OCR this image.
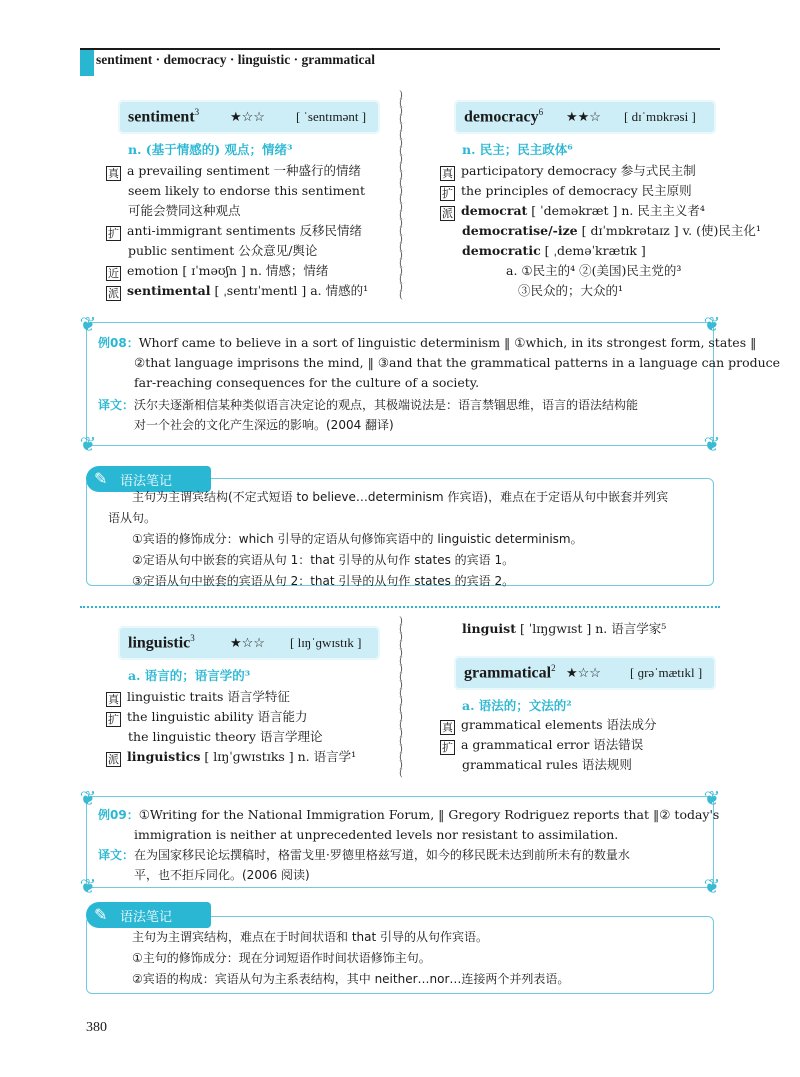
sentiment · democracy · linguistic · grammatical
sentiment$^3$ ★☆☆ [ ˈsentɪmənt ]
n. (基于情感的) 观点；情绪³
真 a prevailing sentiment 一种盛行的情绪
seem likely to endorse this sentiment
可能会赞同这种观点
扩 anti-immigrant sentiments 反移民情绪
public sentiment 公众意见/舆论
近 emotion [ ɪˈməʊʃn ] n. 情感；情绪
派 sentimental [ ˌsentɪˈmentl ] a. 情感的¹
democracy$^6$ ★★☆ [ dɪˈmɒkrəsi ]
n. 民主；民主政体⁶
真 participatory democracy 参与式民主制
扩 the principles of democracy 民主原则
派 democrat [ ˈdeməkræt ] n. 民主主义者⁴
democratise/-ize [ dɪˈmɒkrətaɪz ] v. (使)民主化¹
democratic [ ˌdeməˈkrætɪk ]
a. ①民主的⁴ ②(美国)民主党的³
③民众的；大众的¹
)
(
)
(
)
(
)
(
)
(
)
(
)
(
)
(
)
(
)
(
)
(
)
(
)
(
❦	❦
❦	❦
例08：Whorf came to believe in a sort of linguistic determinism ‖ ①which, in its strongest form, states ‖
②that language imprisons the mind, ‖ ③and that the grammatical patterns in a language can produce
far-reaching consequences for the culture of a society.
译文：沃尔夫逐渐相信某种类似语言决定论的观点，其极端说法是：语言禁锢思维，语言的语法结构能
对一个社会的文化产生深远的影响。(2004 翻译)
✎ 语法笔记
主句为主谓宾结构(不定式短语 to believe…determinism 作宾语)，难点在于定语从句中嵌套并列宾
语从句。
①宾语的修饰成分：which 引导的定语从句修饰宾语中的 linguistic determinism。
②定语从句中嵌套的宾语从句 1：that 引导的从句作 states 的宾语 1。
③定语从句中嵌套的宾语从句 2：that 引导的从句作 states 的宾语 2。
linguistic$^3$	★☆☆ [ lɪŋˈɡwɪstɪk ]
a. 语言的；语言学的³
真 linguistic traits 语言学特征
扩 the linguistic ability 语言能力
the linguistic theory 语言学理论
派 linguistics [ lɪŋˈɡwɪstɪks ] n. 语言学¹
linguist [ ˈlɪŋɡwɪst ] n. 语言学家⁵
grammatical$^2$ ★☆☆ [ ɡrəˈmætɪkl ]
a. 语法的；文法的²
真 grammatical elements 语法成分
扩 a grammatical error 语法错误
grammatical rules 语法规则
)
(
)
(
)
(
)
(
)
(
)
(
)
(
)
(
)
(
)
(
❦	❦
❦	❦
例09：①Writing for the National Immigration Forum, ‖ Gregory Rodriguez reports that ‖② today's
immigration is neither at unprecedented levels nor resistant to assimilation.
译文：在为国家移民论坛撰稿时，格雷戈里·罗德里格兹写道，如今的移民既未达到前所未有的数量水
平，也不拒斥同化。(2006 阅读)
✎ 语法笔记
主句为主谓宾结构，难点在于时间状语和 that 引导的从句作宾语。
①主句的修饰成分：现在分词短语作时间状语修饰主句。
②宾语的构成：宾语从句为主系表结构，其中 neither…nor…连接两个并列表语。
380
